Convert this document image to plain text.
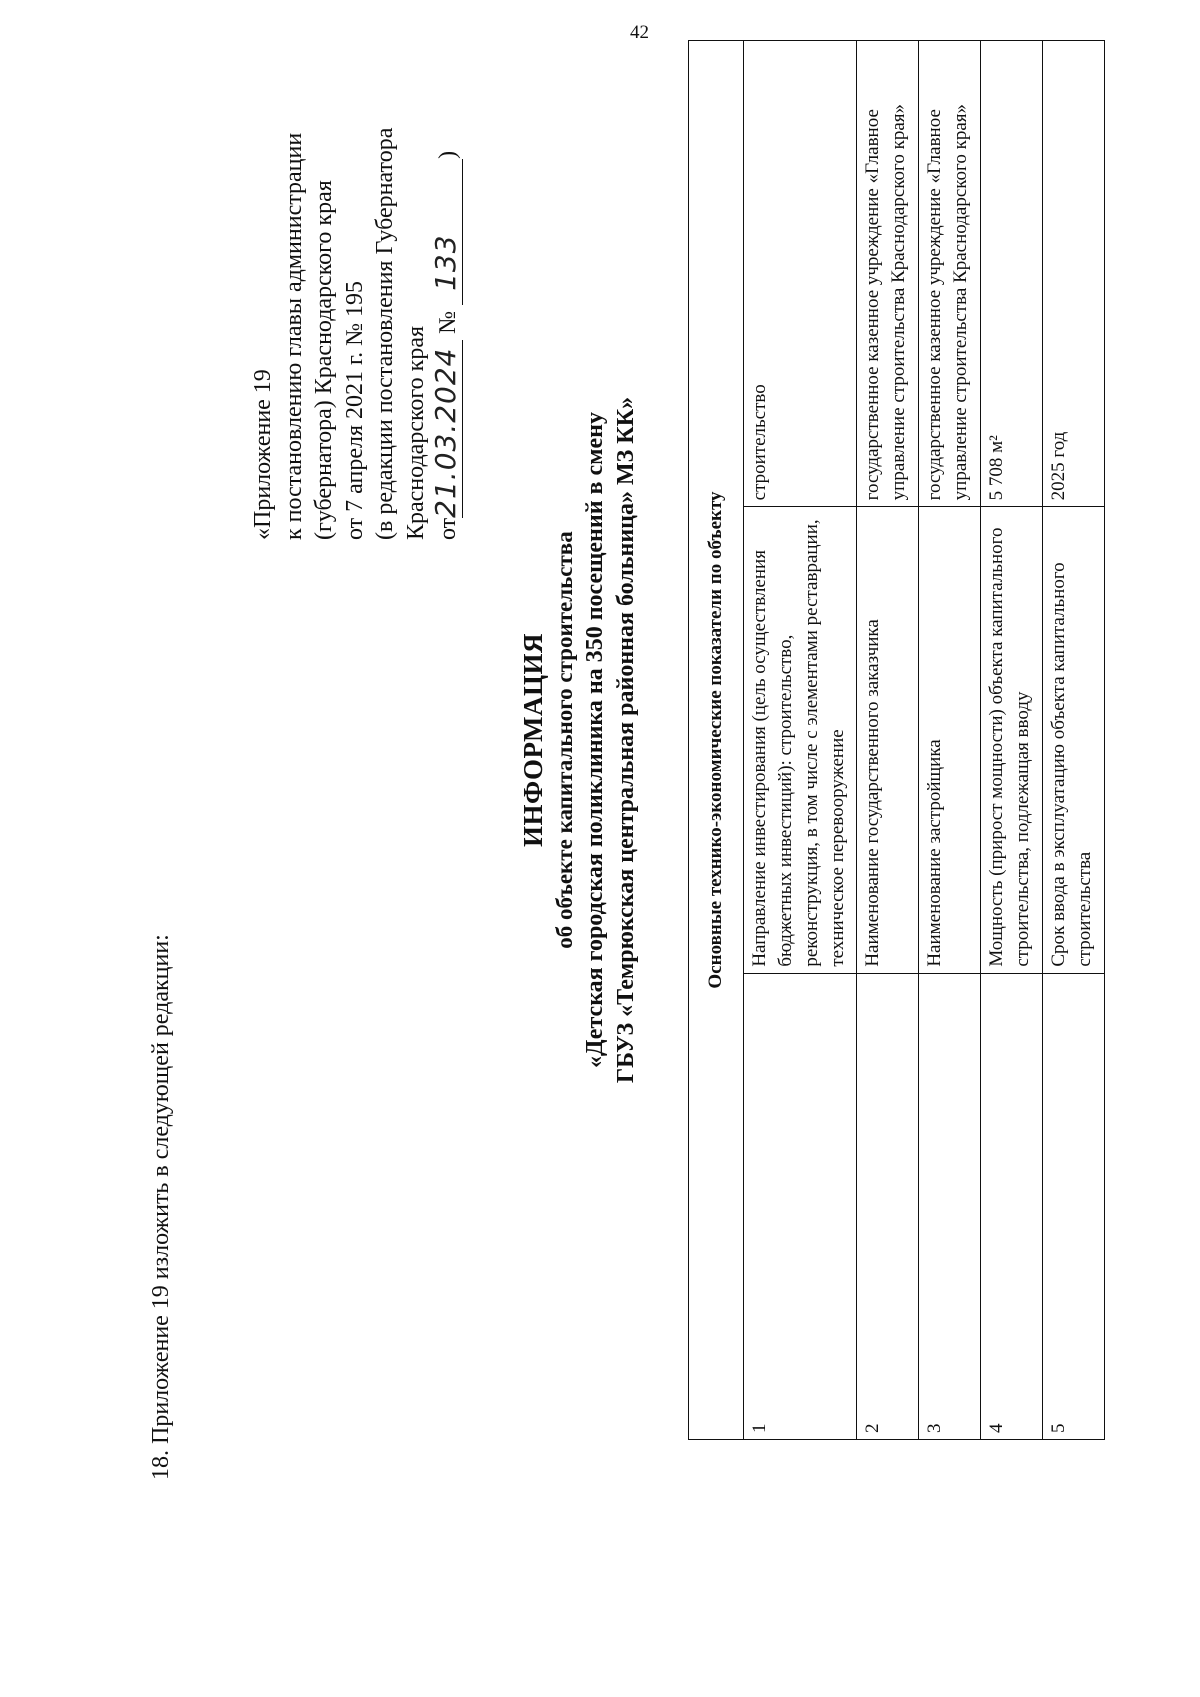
42
18. Приложение 19 изложить в следующей редакции:
«Приложение 19 к постановлению главы администрации (губернатора) Краснодарского края от 7 апреля 2021 г. № 195 (в редакции постановления Губернатора Краснодарского края от21.03.2024 № 133)
ИНФОРМАЦИЯ об объекте капитального строительства «Детская городская поликлиника на 350 посещений в смену ГБУЗ «Темрюкская центральная районная больница» МЗ КК»	Основные технико-экономические показатели по объекту		
1	Направление инвестирования (цель осуществления бюджетных инвестиций): строительство, реконструкция, в том числе с элементами реставрации, техническое перевооружение	строительство
2	Наименование государственного заказчика	государственное казенное учреждение «Главное управление строительства Краснодарского края»
3	Наименование застройщика	государственное казенное учреждение «Главное управление строительства Краснодарского края»
4	Мощность (прирост мощности) объекта капитального строительства, подлежащая вводу	5 708 м²
5	Срок ввода в эксплуатацию объекта капитального строительства	2025 год
